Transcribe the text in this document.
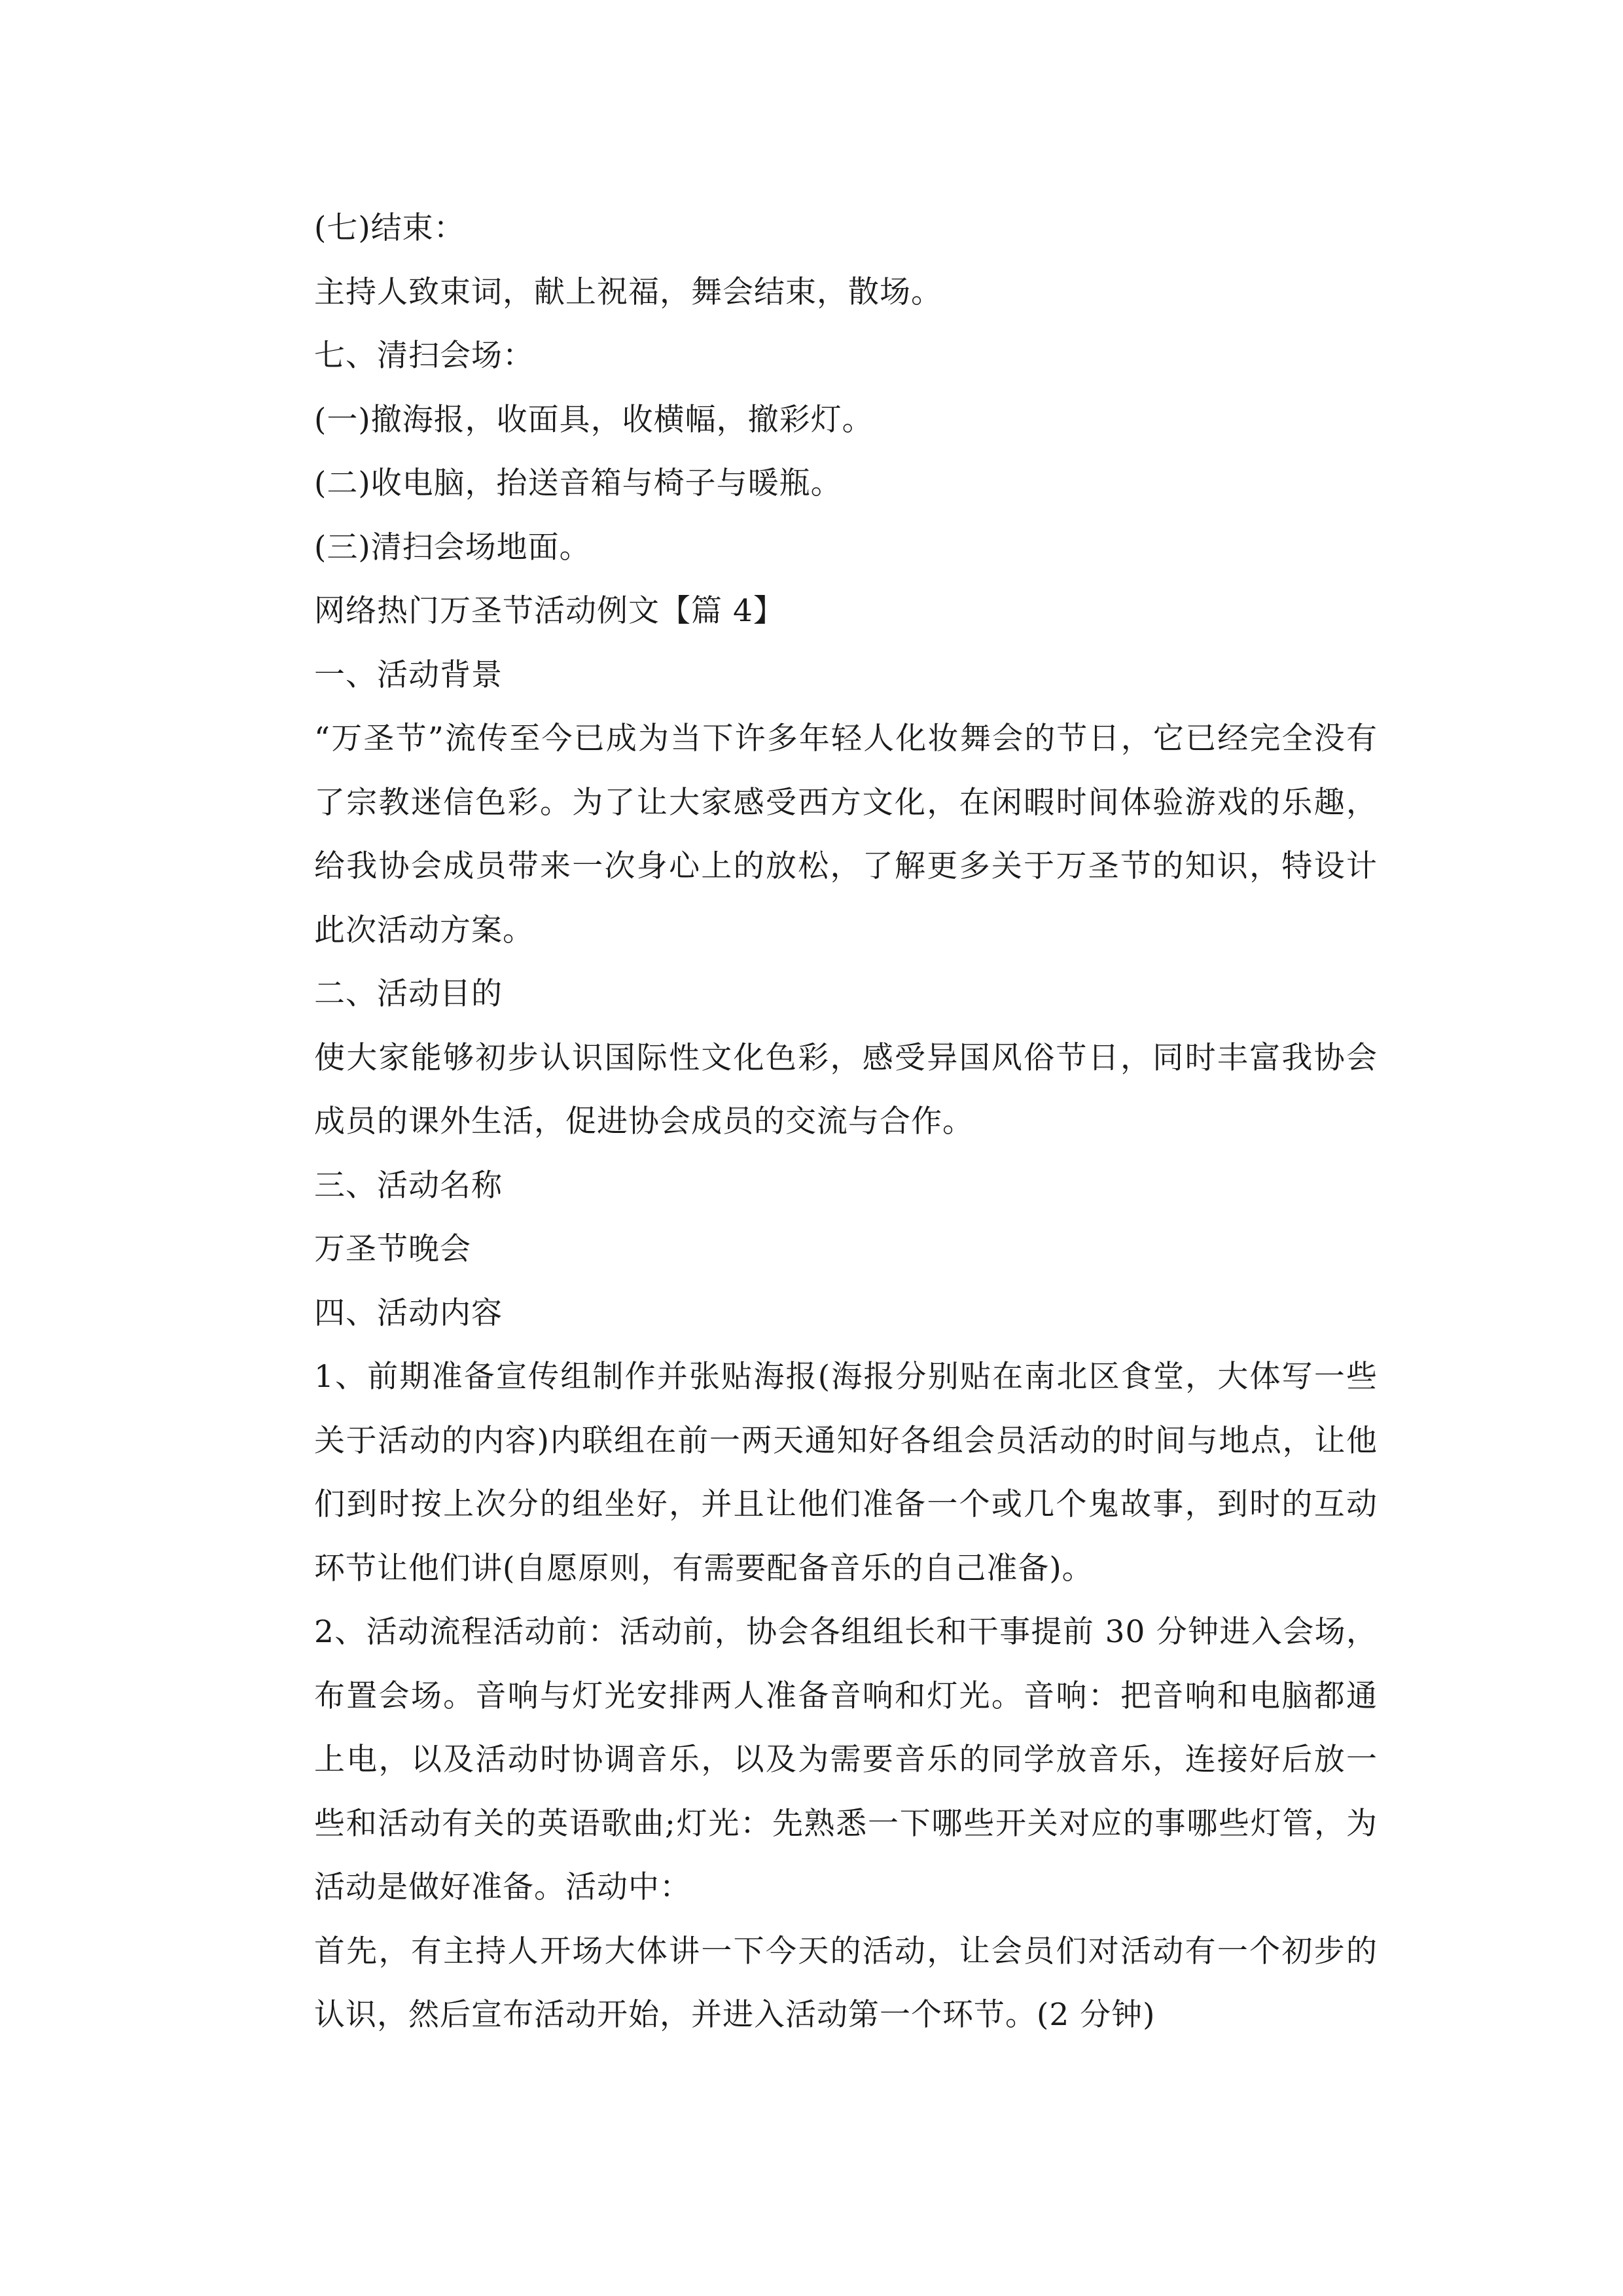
(七)结束：

主持人致束词，献上祝福，舞会结束，散场。

七、清扫会场：

(一)撤海报，收面具，收横幅，撤彩灯。

(二)收电脑，抬送音箱与椅子与暖瓶。

(三)清扫会场地面。

网络热门万圣节活动例文【篇 4】

一、活动背景

“万圣节”流传至今已成为当下许多年轻人化妆舞会的节日，它已经完全没有了宗教迷信色彩。为了让大家感受西方文化，在闲暇时间体验游戏的乐趣，给我协会成员带来一次身心上的放松，了解更多关于万圣节的知识，特设计此次活动方案。

二、活动目的

使大家能够初步认识国际性文化色彩，感受异国风俗节日，同时丰富我协会成员的课外生活，促进协会成员的交流与合作。

三、活动名称

万圣节晚会

四、活动内容

1、前期准备宣传组制作并张贴海报(海报分别贴在南北区食堂，大体写一些关于活动的内容)内联组在前一两天通知好各组会员活动的时间与地点，让他们到时按上次分的组坐好，并且让他们准备一个或几个鬼故事，到时的互动环节让他们讲(自愿原则，有需要配备音乐的自己准备)。

2、活动流程活动前：活动前，协会各组组长和干事提前 30 分钟进入会场，布置会场。音响与灯光安排两人准备音响和灯光。音响：把音响和电脑都通上电，以及活动时协调音乐，以及为需要音乐的同学放音乐，连接好后放一些和活动有关的英语歌曲;灯光：先熟悉一下哪些开关对应的事哪些灯管，为活动是做好准备。活动中：

首先，有主持人开场大体讲一下今天的活动，让会员们对活动有一个初步的认识，然后宣布活动开始，并进入活动第一个环节。(2 分钟)
